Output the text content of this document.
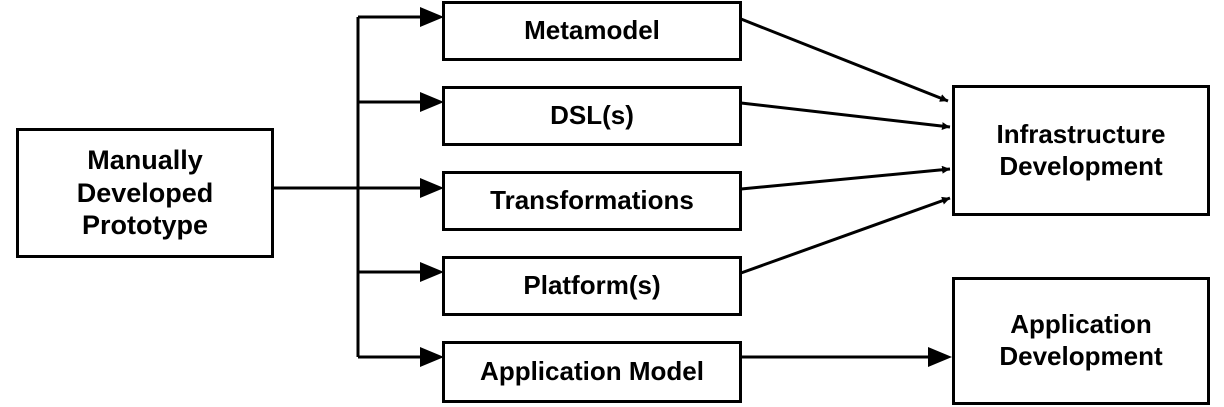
Manually
Developed
Prototype
Metamodel
DSL(s)
Transformations
Platform(s)
Application Model
Infrastructure
Development
Application
Development
